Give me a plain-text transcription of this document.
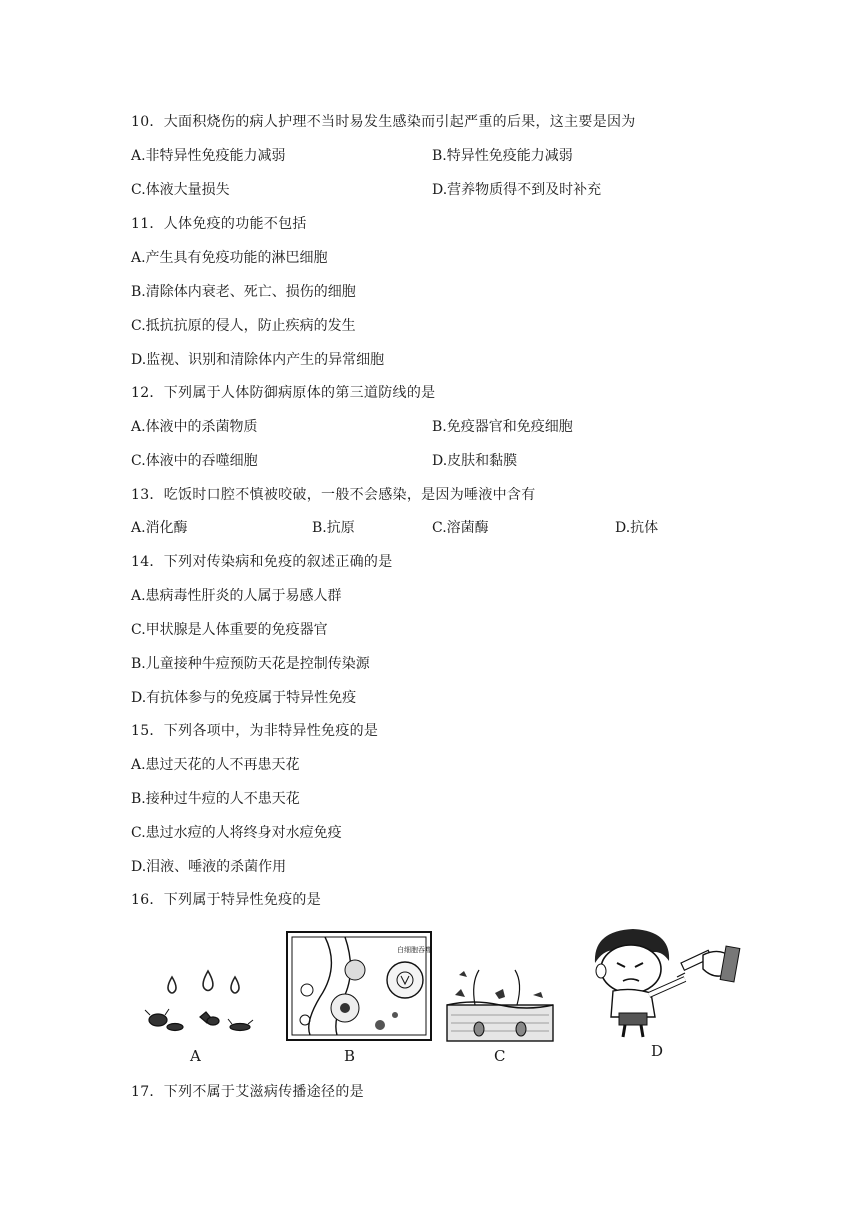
10．大面积烧伤的病人护理不当时易发生感染而引起严重的后果，这主要是因为
A.非特异性免疫能力减弱	B.特异性免疫能力减弱
C.体液大量损失	D.营养物质得不到及时补充
11．人体免疫的功能不包括
A.产生具有免疫功能的淋巴细胞
B.清除体内衰老、死亡、损伤的细胞
C.抵抗抗原的侵人，防止疾病的发生
D.监视、识别和清除体内产生的异常细胞
12．下列属于人体防御病原体的第三道防线的是
A.体液中的杀菌物质	B.免疫器官和免疫细胞
C.体液中的吞噬细胞	D.皮肤和黏膜
13．吃饭时口腔不慎被咬破，一般不会感染，是因为唾液中含有
A.消化酶	B.抗原	C.溶菌酶	D.抗体
14．下列对传染病和免疫的叙述正确的是
A.患病毒性肝炎的人属于易感人群
C.甲状腺是人体重要的免疫器官
B.儿童接种牛痘预防天花是控制传染源
D.有抗体参与的免疫属于特异性免疫
15．下列各项中，为非特异性免疫的是
A.患过天花的人不再患天花
B.接种过牛痘的人不患天花
C.患过水痘的人将终身对水痘免疫
D.泪液、唾液的杀菌作用
16．下列属于特异性免疫的是
A
白细胞吞噬
B	C	D
17．下列不属于艾滋病传播途径的是
